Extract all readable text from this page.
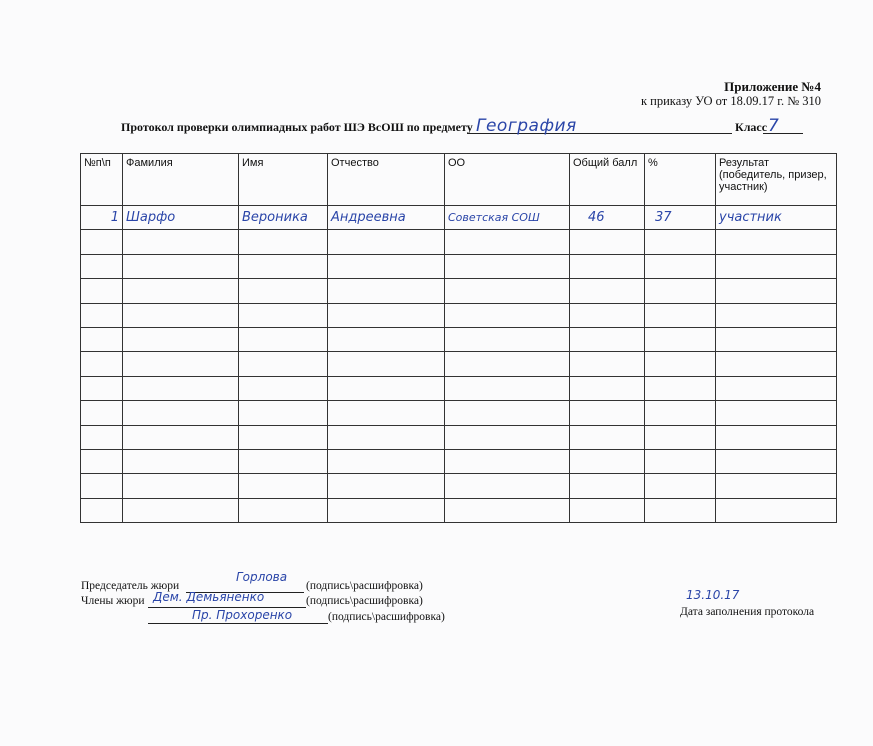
Приложение №4
к приказу УО от 18.09.17 г. № 310
Протокол проверки олимпиадных работ ШЭ ВсОШ по предмету География	Класс 7
№п\п	Фамилия	Имя	Отчество	ОО	Общий балл	%	Результат (победитель, призер, участник)
1	Шарфо	Вероника	Андреевна	Советская СОШ	46	37	участник

Председатель жюри
Горлова
(подпись\расшифровка)
Члены жюри Дем. Демьяненко	(подпись\расшифровка)
Пр. Прохоренко	(подпись\расшифровка)
13.10.17
Дата заполнения протокола
